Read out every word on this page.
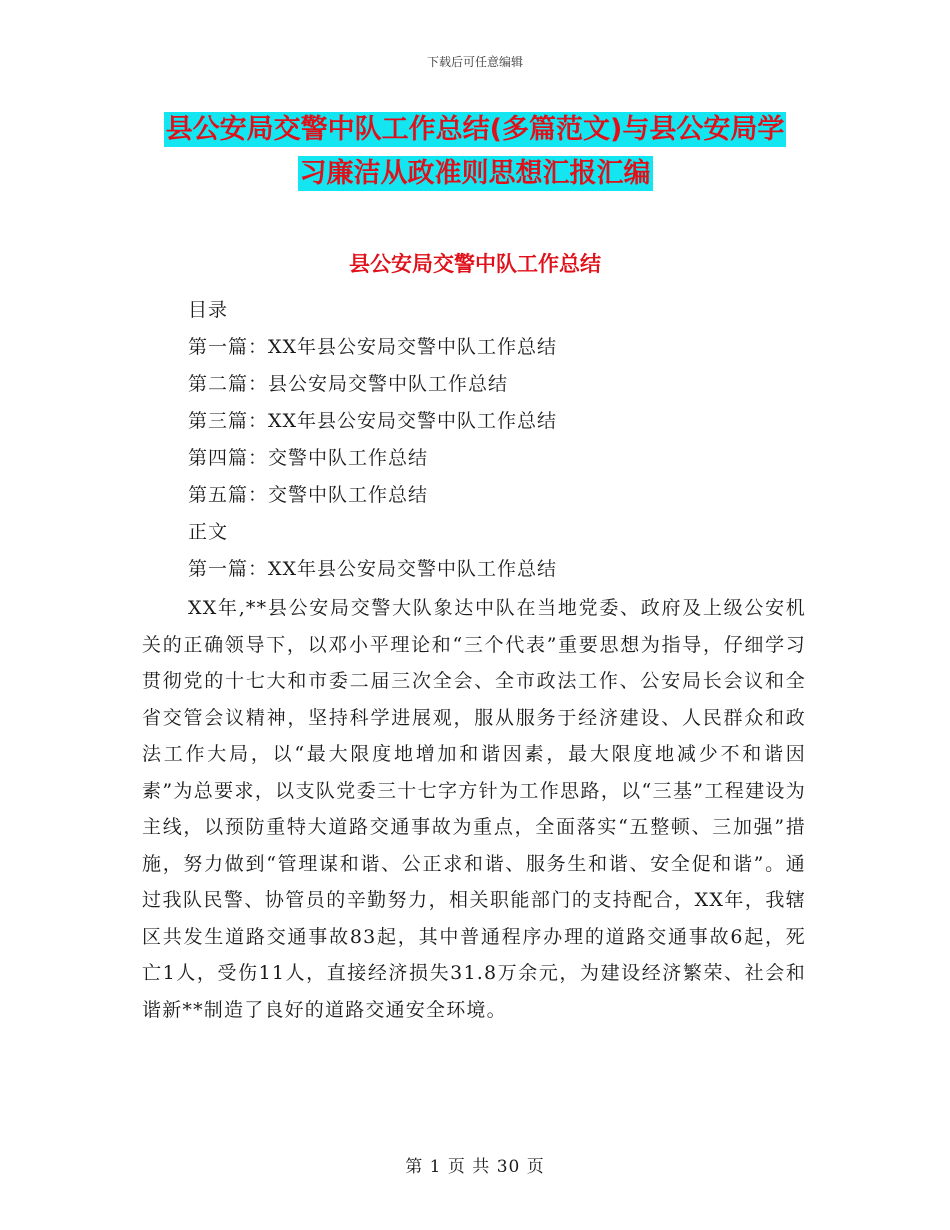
下载后可任意编辑
县公安局交警中队工作总结(多篇范文)与县公安局学
习廉洁从政准则思想汇报汇编
县公安局交警中队工作总结
目录
第一篇：XX年县公安局交警中队工作总结
第二篇：县公安局交警中队工作总结
第三篇：XX年县公安局交警中队工作总结
第四篇：交警中队工作总结
第五篇：交警中队工作总结
正文
第一篇：XX年县公安局交警中队工作总结
XX年,**县公安局交警大队象达中队在当地党委、政府及上级公安机关的正确领导下，以邓小平理论和“三个代表”重要思想为指导，仔细学习贯彻党的十七大和市委二届三次全会、全市政法工作、公安局长会议和全省交管会议精神，坚持科学进展观，服从服务于经济建设、人民群众和政法工作大局，以“最大限度地增加和谐因素，最大限度地减少不和谐因素”为总要求，以支队党委三十七字方针为工作思路，以“三基”工程建设为主线，以预防重特大道路交通事故为重点，全面落实“五整顿、三加强”措施，努力做到“管理谋和谐、公正求和谐、服务生和谐、安全促和谐”。通过我队民警、协管员的辛勤努力，相关职能部门的支持配合，XX年，我辖区共发生道路交通事故83起，其中普通程序办理的道路交通事故6起，死亡1人，受伤11人，直接经济损失31.8万余元，为建设经济繁荣、社会和谐新**制造了良好的道路交通安全环境。
第 1 页 共 30 页
